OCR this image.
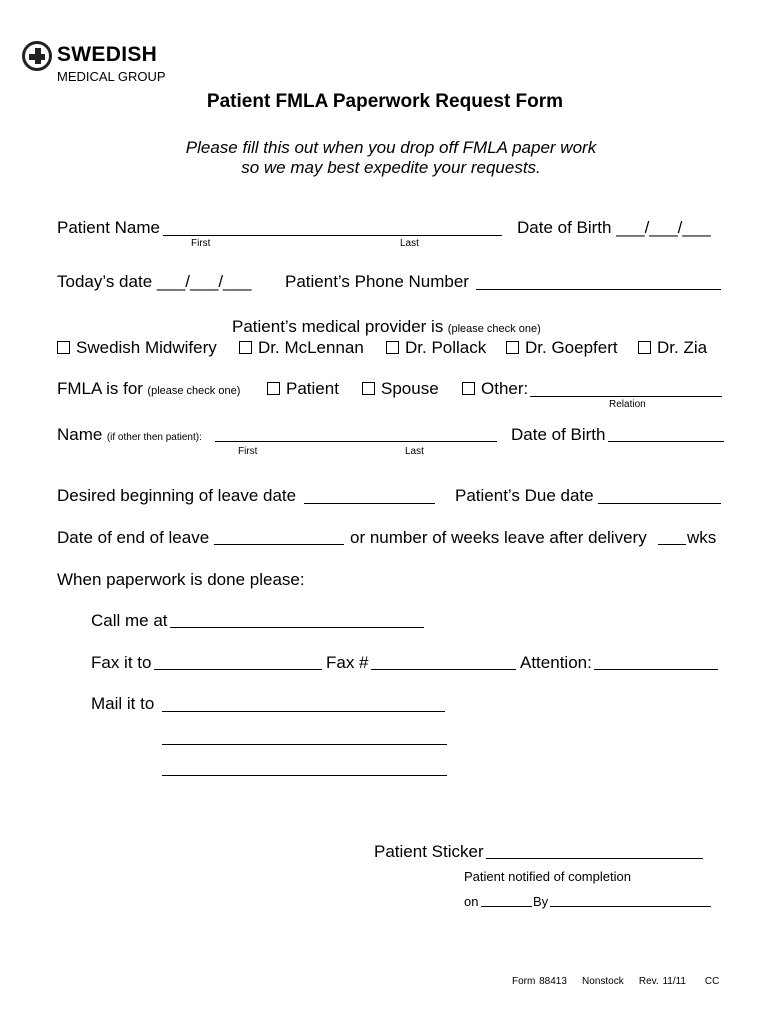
SWEDISH
MEDICAL GROUP
Patient FMLA Paperwork Request Form
Please fill this out when you drop off FMLA paper work
so we may best expedite your requests.
Patient Name
First	Last
Date of Birth ___/___/___
Today’s date ___/___/___ Patient’s Phone Number
Patient’s medical provider is (please check one)
Swedish Midwifery	Dr. McLennan	Dr. Pollack	Dr. Goepfert	Dr. Zia
FMLA is for (please check one)	Patient	Spouse	Other:
Relation
Name (if other then patient):
First	Last
Date of Birth
Desired beginning of leave date	Patient’s Due date
Date of end of leave	or number of weeks leave after delivery wks
When paperwork is done please:
Call me at
Fax it to	Fax #	Attention:
Mail it to
Patient Sticker
Patient notified of completion
on	By
Form 88413 Nonstock Rev. 11/11 CC
